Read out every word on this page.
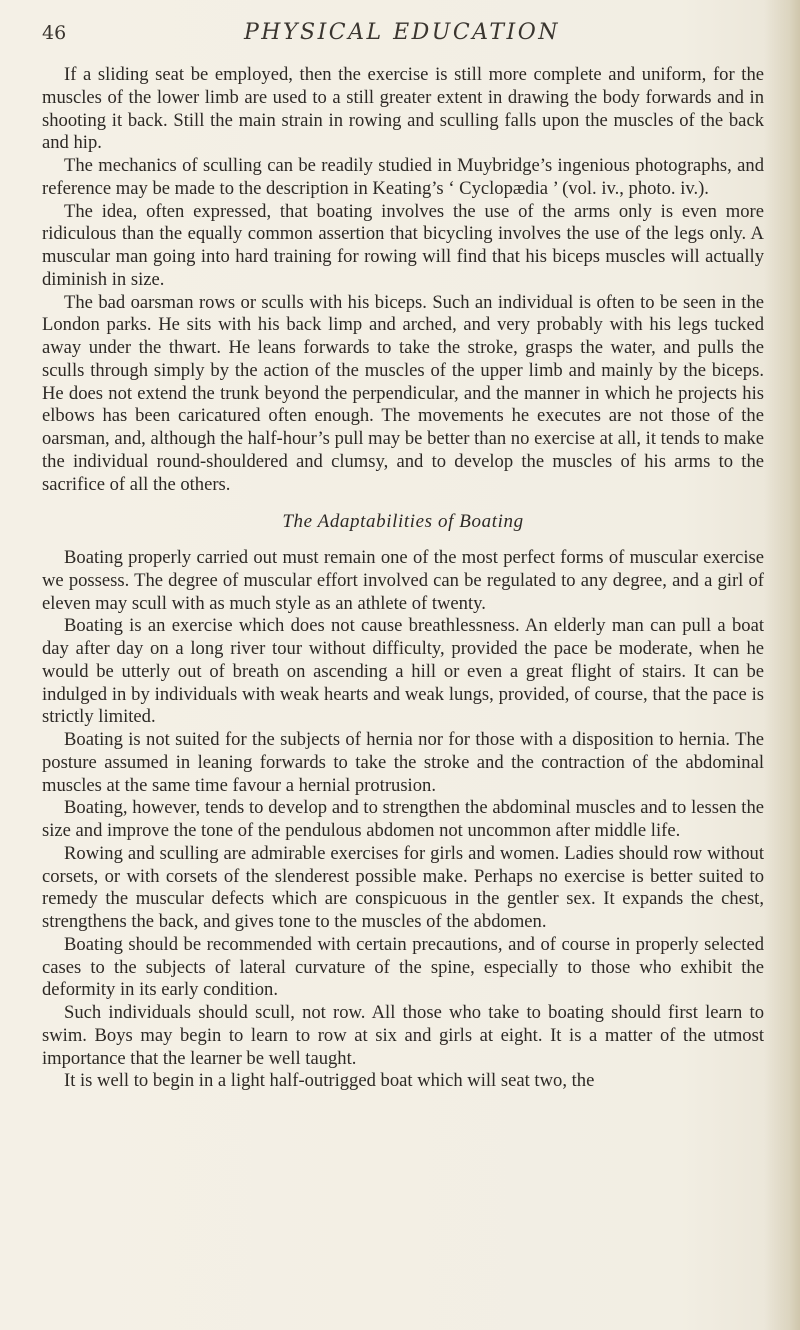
46	PHYSICAL EDUCATION

If a sliding seat be employed, then the exercise is still more complete and uniform, for the muscles of the lower limb are used to a still greater extent in drawing the body forwards and in shooting it back. Still the main strain in rowing and sculling falls upon the muscles of the back and hip.

The mechanics of sculling can be readily studied in Muybridge’s ingenious photographs, and reference may be made to the description in Keating’s ‘ Cyclopædia ’ (vol. iv., photo. iv.).

The idea, often expressed, that boating involves the use of the arms only is even more ridiculous than the equally common assertion that bicycling involves the use of the legs only. A muscular man going into hard training for rowing will find that his biceps muscles will actually diminish in size.

The bad oarsman rows or sculls with his biceps. Such an individual is often to be seen in the London parks. He sits with his back limp and arched, and very probably with his legs tucked away under the thwart. He leans forwards to take the stroke, grasps the water, and pulls the sculls through simply by the action of the muscles of the upper limb and mainly by the biceps. He does not extend the trunk beyond the perpendicular, and the manner in which he projects his elbows has been caricatured often enough. The movements he executes are not those of the oarsman, and, although the half-hour’s pull may be better than no exercise at all, it tends to make the individual round-shouldered and clumsy, and to develop the muscles of his arms to the sacrifice of all the others.

The Adaptabilities of Boating

Boating properly carried out must remain one of the most perfect forms of muscular exercise we possess. The degree of muscular effort involved can be regulated to any degree, and a girl of eleven may scull with as much style as an athlete of twenty.

Boating is an exercise which does not cause breathlessness. An elderly man can pull a boat day after day on a long river tour without difficulty, provided the pace be moderate, when he would be utterly out of breath on ascending a hill or even a great flight of stairs. It can be indulged in by individuals with weak hearts and weak lungs, provided, of course, that the pace is strictly limited.

Boating is not suited for the subjects of hernia nor for those with a disposition to hernia. The posture assumed in leaning forwards to take the stroke and the contraction of the abdominal muscles at the same time favour a hernial protrusion.

Boating, however, tends to develop and to strengthen the abdominal muscles and to lessen the size and improve the tone of the pendulous abdomen not uncommon after middle life.

Rowing and sculling are admirable exercises for girls and women. Ladies should row without corsets, or with corsets of the slenderest possible make. Perhaps no exercise is better suited to remedy the muscular defects which are conspicuous in the gentler sex. It expands the chest, strengthens the back, and gives tone to the muscles of the abdomen.

Boating should be recommended with certain precautions, and of course in properly selected cases to the subjects of lateral curvature of the spine, especially to those who exhibit the deformity in its early condition.

Such individuals should scull, not row. All those who take to boating should first learn to swim. Boys may begin to learn to row at six and girls at eight. It is a matter of the utmost importance that the learner be well taught.

It is well to begin in a light half-outrigged boat which will seat two, the
